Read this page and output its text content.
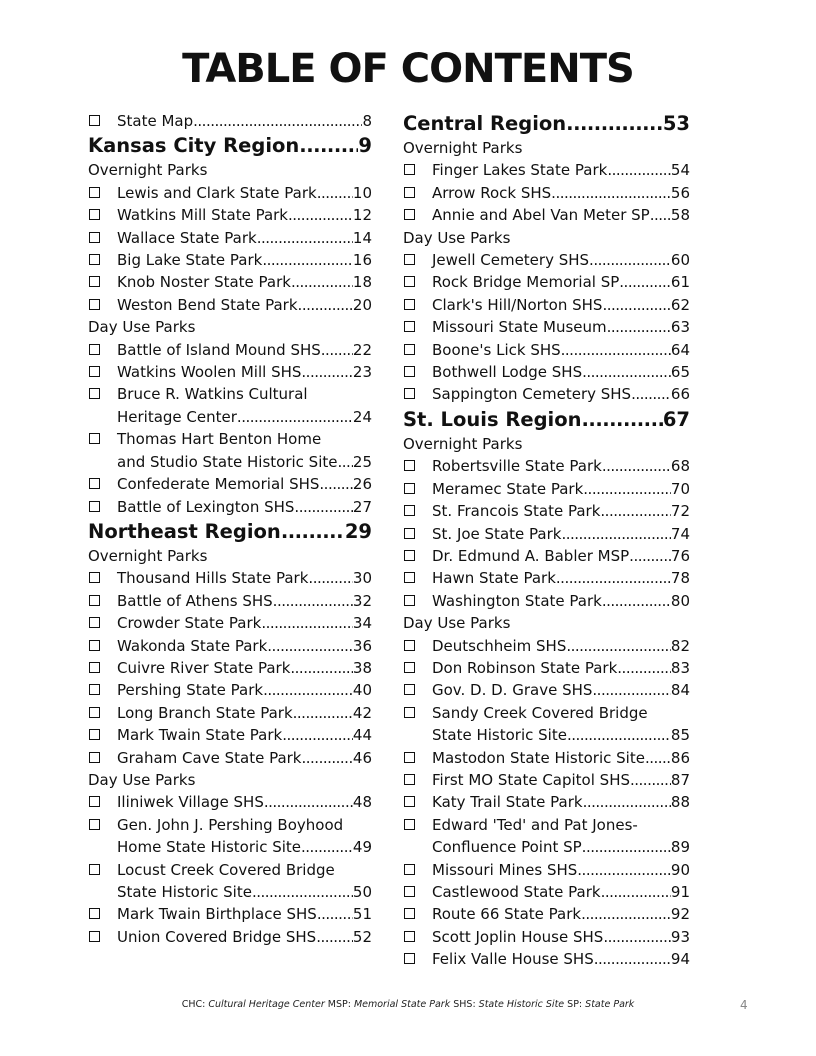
TABLE OF CONTENTS
State Map .....	8
Kansas City Region .....	9
Overnight Parks
Lewis and Clark State Park ..... 10
Watkins Mill State Park .....	12
Wallace State Park .....	14
Big Lake State Park .....	16
Knob Noster State Park .....	18
Weston Bend State Park .....	20
Day Use Parks
Battle of Island Mound SHS ..... 22
Watkins Woolen Mill SHS .....	23
Bruce R. Watkins Cultural
Heritage Center .....	24
Thomas Hart Benton Home
and Studio State Historic Site ..... 25
Confederate Memorial SHS ..... 26
Battle of Lexington SHS .....	27
Northeast Region .....	29
Overnight Parks
Thousand Hills State Park .....	30
Battle of Athens SHS .....	32
Crowder State Park .....	34
Wakonda State Park .....	36
Cuivre River State Park .....	38
Pershing State Park .....	40
Long Branch State Park .....	42
Mark Twain State Park .....	44
Graham Cave State Park .....	46
Day Use Parks
Iliniwek Village SHS .....	48
Gen. John J. Pershing Boyhood
Home State Historic Site .....	49
Locust Creek Covered Bridge
State Historic Site .....	50
Mark Twain Birthplace SHS ..... 51
Union Covered Bridge SHS ..... 52
Central Region .....	53
Overnight Parks
Finger Lakes State Park .....	54
Arrow Rock SHS .....	56
Annie and Abel Van Meter SP ..... 58
Day Use Parks
Jewell Cemetery SHS .....	60
Rock Bridge Memorial SP .....	61
Clark's Hill/Norton SHS .....	62
Missouri State Museum .....	63
Boone's Lick SHS .....	64
Bothwell Lodge SHS .....	65
Sappington Cemetery SHS .....	66
St. Louis Region .....	67
Overnight Parks
Robertsville State Park .....	68
Meramec State Park .....	70
St. Francois State Park .....	72
St. Joe State Park .....	74
Dr. Edmund A. Babler MSP .....	76
Hawn State Park .....	78
Washington State Park .....	80
Day Use Parks
Deutschheim SHS .....	82
Don Robinson State Park .....	83
Gov. D. D. Grave SHS .....	84
Sandy Creek Covered Bridge
State Historic Site .....	85
Mastodon State Historic Site ..... 86
First MO State Capitol SHS .....	87
Katy Trail State Park .....	88
Edward 'Ted' and Pat Jones-
Confluence Point SP .....	89
Missouri Mines SHS .....	90
Castlewood State Park .....	91
Route 66 State Park .....	92
Scott Joplin House SHS .....	93
Felix Valle House SHS .....	94
CHC: Cultural Heritage Center MSP: Memorial State Park SHS: State Historic Site SP: State Park	4
